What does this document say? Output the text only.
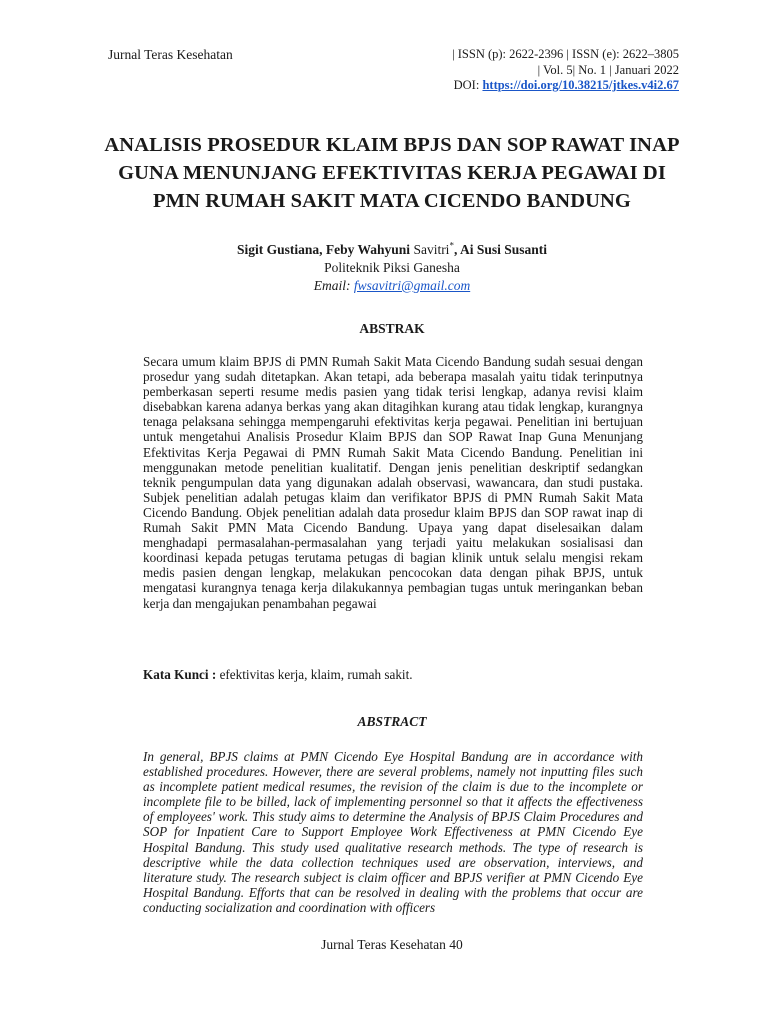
Jurnal Teras Kesehatan	| ISSN (p): 2622-2396 | ISSN (e): 2622–3805
| Vol. 5| No. 1 | Januari 2022
DOI: https://doi.org/10.38215/jtkes.v4i2.67
ANALISIS PROSEDUR KLAIM BPJS DAN SOP RAWAT INAP GUNA MENUNJANG EFEKTIVITAS KERJA PEGAWAI DI PMN RUMAH SAKIT MATA CICENDO BANDUNG
Sigit Gustiana, Feby Wahyuni Savitri*, Ai Susi Susanti
Politeknik Piksi Ganesha
Email: fwsavitri@gmail.com
ABSTRAK
Secara umum klaim BPJS di PMN Rumah Sakit Mata Cicendo Bandung sudah sesuai dengan prosedur yang sudah ditetapkan. Akan tetapi, ada beberapa masalah yaitu tidak terinputnya pemberkasan seperti resume medis pasien yang tidak terisi lengkap, adanya revisi klaim disebabkan karena adanya berkas yang akan ditagihkan kurang atau tidak lengkap, kurangnya tenaga pelaksana sehingga mempengaruhi efektivitas kerja pegawai. Penelitian ini bertujuan untuk mengetahui Analisis Prosedur Klaim BPJS dan SOP Rawat Inap Guna Menunjang Efektivitas Kerja Pegawai di PMN Rumah Sakit Mata Cicendo Bandung. Penelitian ini menggunakan metode penelitian kualitatif. Dengan jenis penelitian deskriptif sedangkan teknik pengumpulan data yang digunakan adalah observasi, wawancara, dan studi pustaka. Subjek penelitian adalah petugas klaim dan verifikator BPJS di PMN Rumah Sakit Mata Cicendo Bandung. Objek penelitian adalah data prosedur klaim BPJS dan SOP rawat inap di Rumah Sakit PMN Mata Cicendo Bandung. Upaya yang dapat diselesaikan dalam menghadapi permasalahan-permasalahan yang terjadi yaitu melakukan sosialisasi dan koordinasi kepada petugas terutama petugas di bagian klinik untuk selalu mengisi rekam medis pasien dengan lengkap, melakukan pencocokan data dengan pihak BPJS, untuk mengatasi kurangnya tenaga kerja dilakukannya pembagian tugas untuk meringankan beban kerja dan mengajukan penambahan pegawai
Kata Kunci : efektivitas kerja, klaim, rumah sakit.
ABSTRACT
In general, BPJS claims at PMN Cicendo Eye Hospital Bandung are in accordance with established procedures. However, there are several problems, namely not inputting files such as incomplete patient medical resumes, the revision of the claim is due to the incomplete or incomplete file to be billed, lack of implementing personnel so that it affects the effectiveness of employees' work. This study aims to determine the Analysis of BPJS Claim Procedures and SOP for Inpatient Care to Support Employee Work Effectiveness at PMN Cicendo Eye Hospital Bandung. This study used qualitative research methods. The type of research is descriptive while the data collection techniques used are observation, interviews, and literature study. The research subject is claim officer and BPJS verifier at PMN Cicendo Eye Hospital Bandung. Efforts that can be resolved in dealing with the problems that occur are conducting socialization and coordination with officers
Jurnal Teras Kesehatan 40
